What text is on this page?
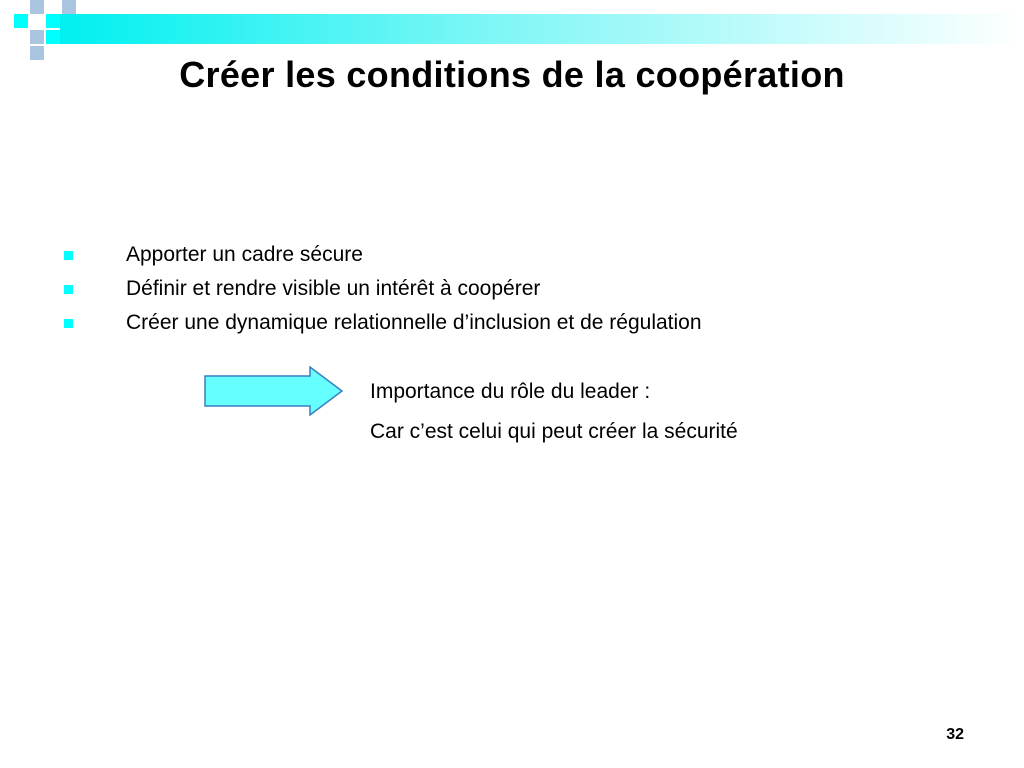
Créer les conditions de la coopération
Apporter un cadre sécure
Définir et rendre visible un intérêt à coopérer
Créer une dynamique relationnelle d’inclusion et de régulation
Importance du rôle du leader :
Car c’est celui qui peut créer la sécurité
32
